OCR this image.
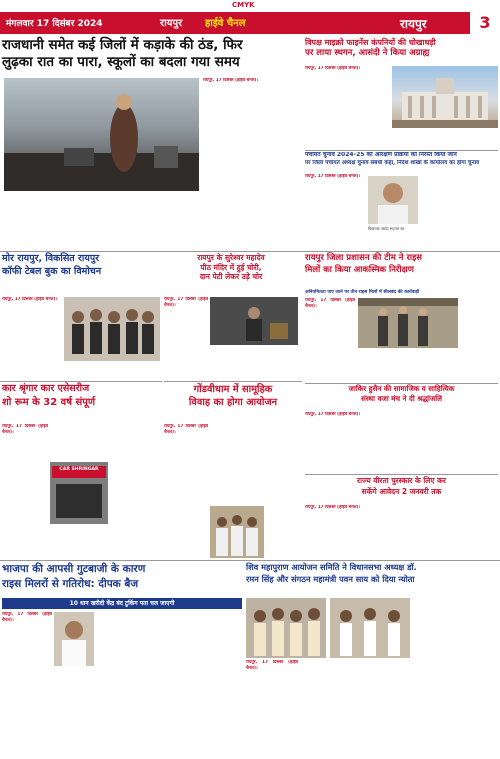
CMYK
मंगलवार 17 दिसंबर 2024	रायपुर हाईवे चैनल	रायपुर	3
राजधानी समेत कई जिलों में कड़ाके की ठंड, फिर
लुढ़का रात का पारा, स्कूलों का बदला गया समय
रायपुर, 17 दिसंबर (हाईवे चैनल)।
विपक्ष माइक्रो फाइनेंस कंपनियों की धोखाधड़ी
पर लाया स्थगन, आसंदी ने किया अग्राह्य
रायपुर, 17 दिसंबर (हाईवे चैनल)।
पंचायत चुनाव 2024-25 को आरक्षण प्रक्रिया को निरस्त किया जाने
पर जिला पंचायत अध्यक्ष चुनाव संबंधी कहा, निर्देश शाखा के कार्यालय का होगा चुनाव
रायपुर, 17 दिसंबर (हाईवे चैनल)।
विधायक जावेद सहगल का
मोर रायपुर, विकसित रायपुर
कॉफी टेबल बुक का विमोचन
रायपुर, 17 दिसंबर (हाईवे चैनल)।
रायपुर के सुरेश्वर महादेव
पीठ मंदिर में हुई चोरी,
दान पेटी लेकर उड़े चोर
रायपुर, 17 दिसंबर (हाईवे चैनल)।
रायपुर जिला प्रशासन की टीम ने राइस
मिलों का किया आकस्मिक निरीक्षण
अनियमितता पाए जाने पर तीन राइस मिलों में सीलबंद की कार्यवाही
रायपुर, 17 दिसंबर (हाईवे चैनल)।
कार श्रृंगार कार एसेसरीज
शो रूम के 32 वर्ष संपूर्ण
रायपुर, 17 दिसंबर (हाईवे चैनल)।
CAR SHRINGAR
गोंडवीधाम में सामूहिक
विवाह का होगा आयोजन
रायपुर, 17 दिसंबर (हाईवे चैनल)।
जाकिर हुसैन की सामाजिक व साहित्यिक
संस्था वजा मंच ने दी श्रद्धांजलि
रायपुर, 17 दिसंबर (हाईवे चैनल)।
राज्य वीरता पुरस्कार के लिए कर
सकेंगे आवेदन 2 जनवरी तक
रायपुर, 17 दिसंबर (हाईवे चैनल)।
भाजपा की आपसी गुटबाजी के कारण
राइस मिलरों से गतिरोध: दीपक बैज
10 धान खरीदी केंद्र बंद टुकिंग पता चल जाएगी
रायपुर, 17 दिसंबर (हाईवे चैनल)।
शिव महापुराण आयोजन समिति ने विधानसभा अध्यक्ष डॉ.
रमन सिंह और संगठन महामंत्री पवन साय को दिया न्योता
रायपुर, 17 दिसंबर (हाईवे चैनल)।
